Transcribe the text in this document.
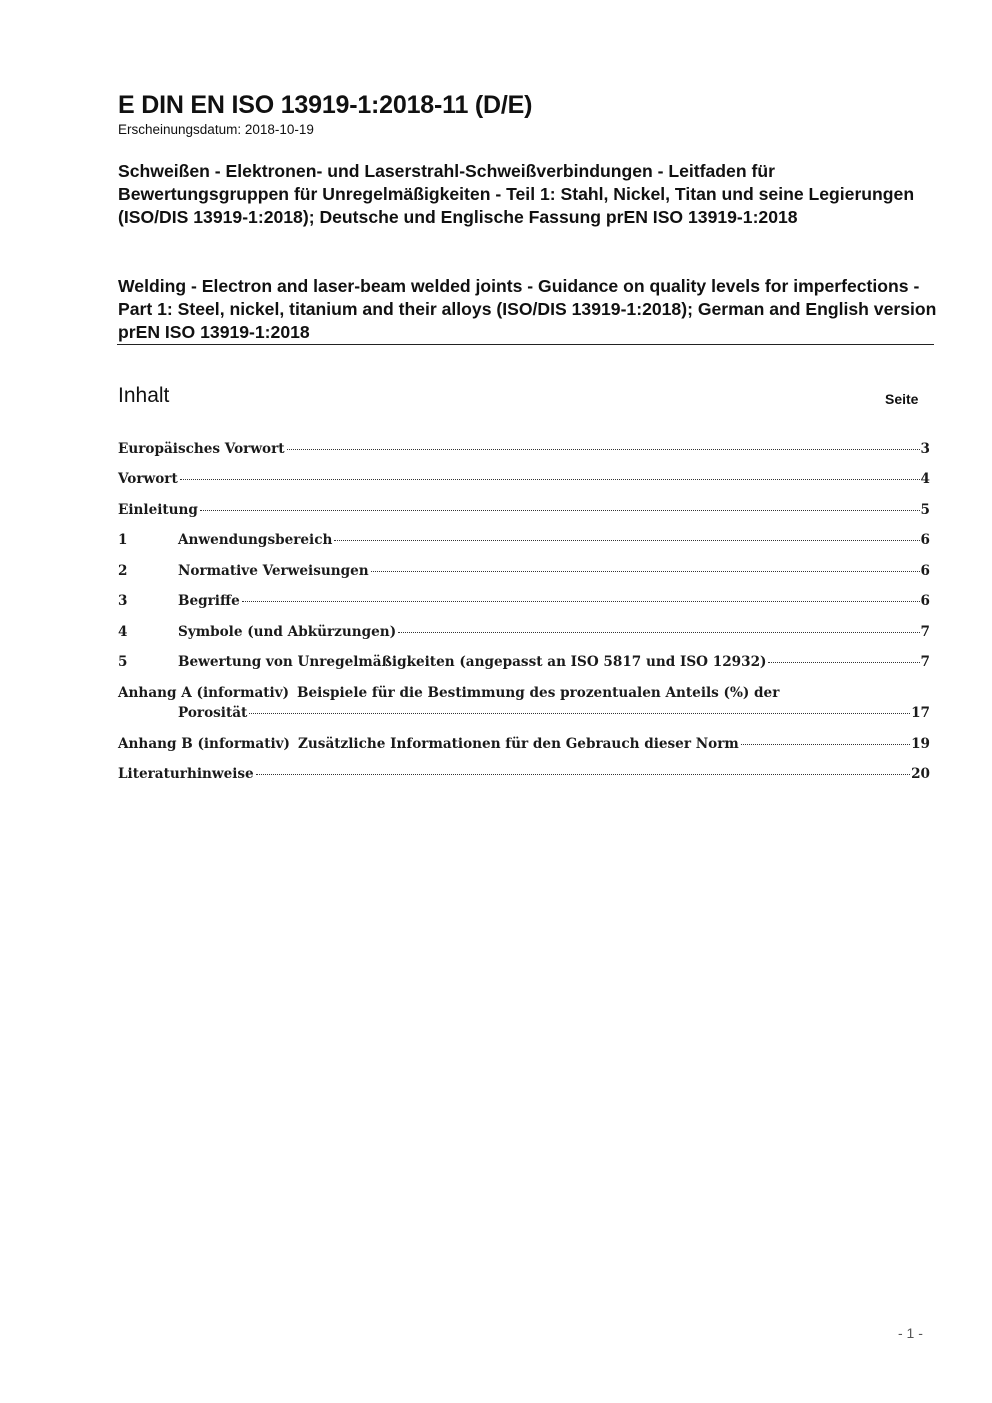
E DIN EN ISO 13919-1:2018-11 (D/E)
Erscheinungsdatum: 2018-10-19
Schweißen - Elektronen- und Laserstrahl-Schweißverbindungen - Leitfaden für Bewertungsgruppen für Unregelmäßigkeiten - Teil 1: Stahl, Nickel, Titan und seine Legierungen (ISO/DIS 13919-1:2018); Deutsche und Englische Fassung prEN ISO 13919-1:2018
Welding - Electron and laser-beam welded joints - Guidance on quality levels for imperfections - Part 1: Steel, nickel, titanium and their alloys (ISO/DIS 13919-1:2018); German and English version prEN ISO 13919-1:2018
Inhalt	Seite
Europäisches Vorwort	3
Vorwort	4
Einleitung	5
1	Anwendungsbereich	6
2	Normative Verweisungen	6
3	Begriffe	6
4	Symbole (und Abkürzungen)	7
5	Bewertung von Unregelmäßigkeiten (angepasst an ISO 5817 und ISO 12932)	7
Anhang A (informativ) Beispiele für die Bestimmung des prozentualen Anteils (%) der
Porosität	17
Anhang B (informativ) Zusätzliche Informationen für den Gebrauch dieser Norm	19
Literaturhinweise	20
- 1 -
